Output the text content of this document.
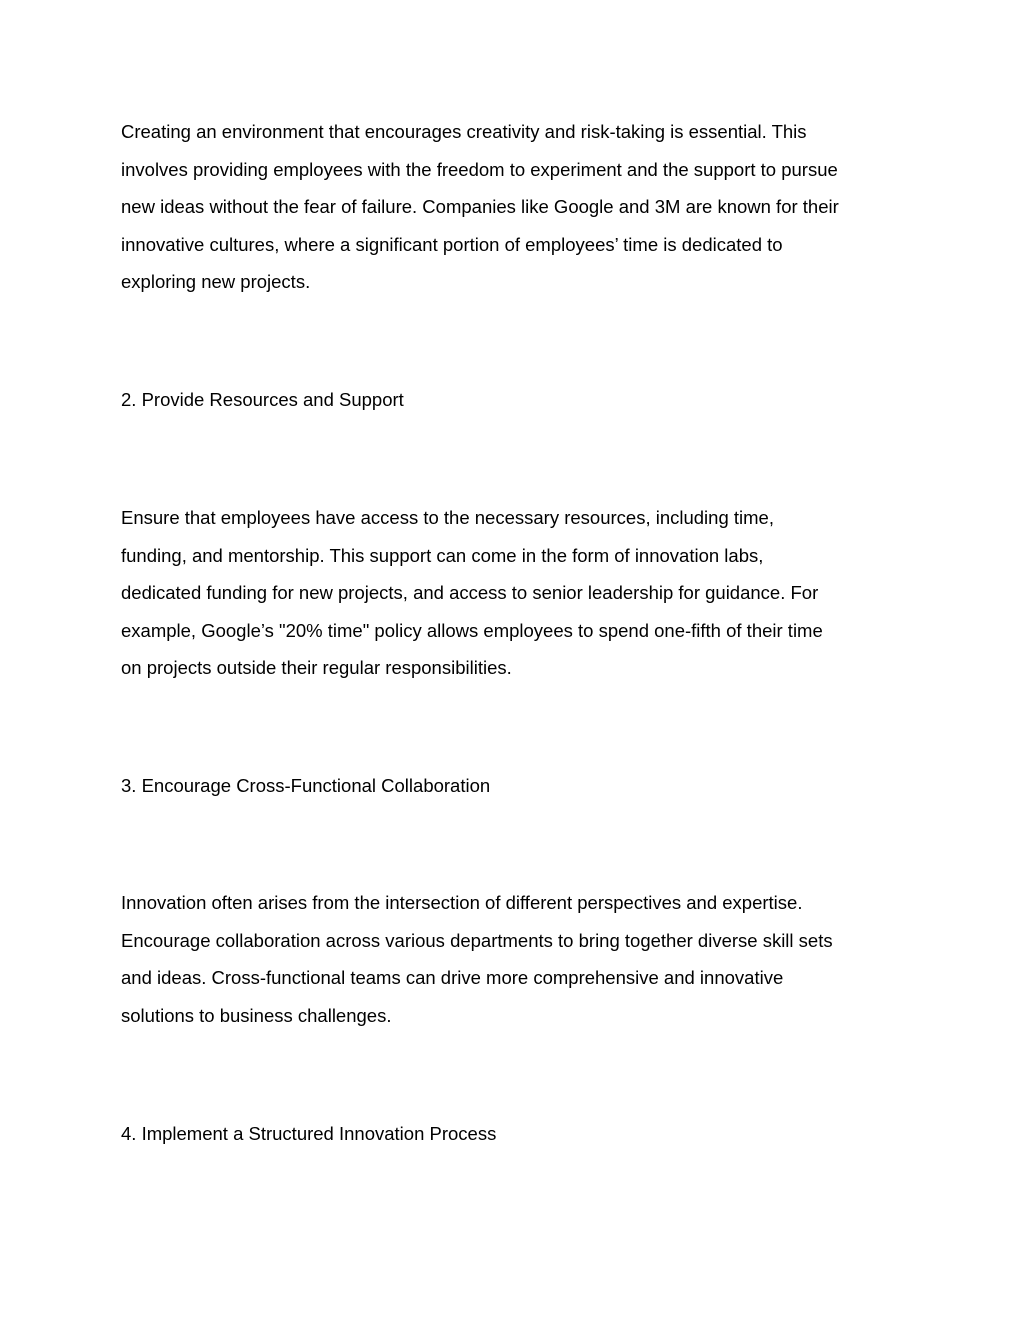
Creating an environment that encourages creativity and risk-taking is essential. This
involves providing employees with the freedom to experiment and the support to pursue
new ideas without the fear of failure. Companies like Google and 3M are known for their
innovative cultures, where a significant portion of employees’ time is dedicated to
exploring new projects.

2. Provide Resources and Support

Ensure that employees have access to the necessary resources, including time,
funding, and mentorship. This support can come in the form of innovation labs,
dedicated funding for new projects, and access to senior leadership for guidance. For
example, Google’s "20% time" policy allows employees to spend one-fifth of their time
on projects outside their regular responsibilities.

3. Encourage Cross-Functional Collaboration

Innovation often arises from the intersection of different perspectives and expertise.
Encourage collaboration across various departments to bring together diverse skill sets
and ideas. Cross-functional teams can drive more comprehensive and innovative
solutions to business challenges.

4. Implement a Structured Innovation Process
